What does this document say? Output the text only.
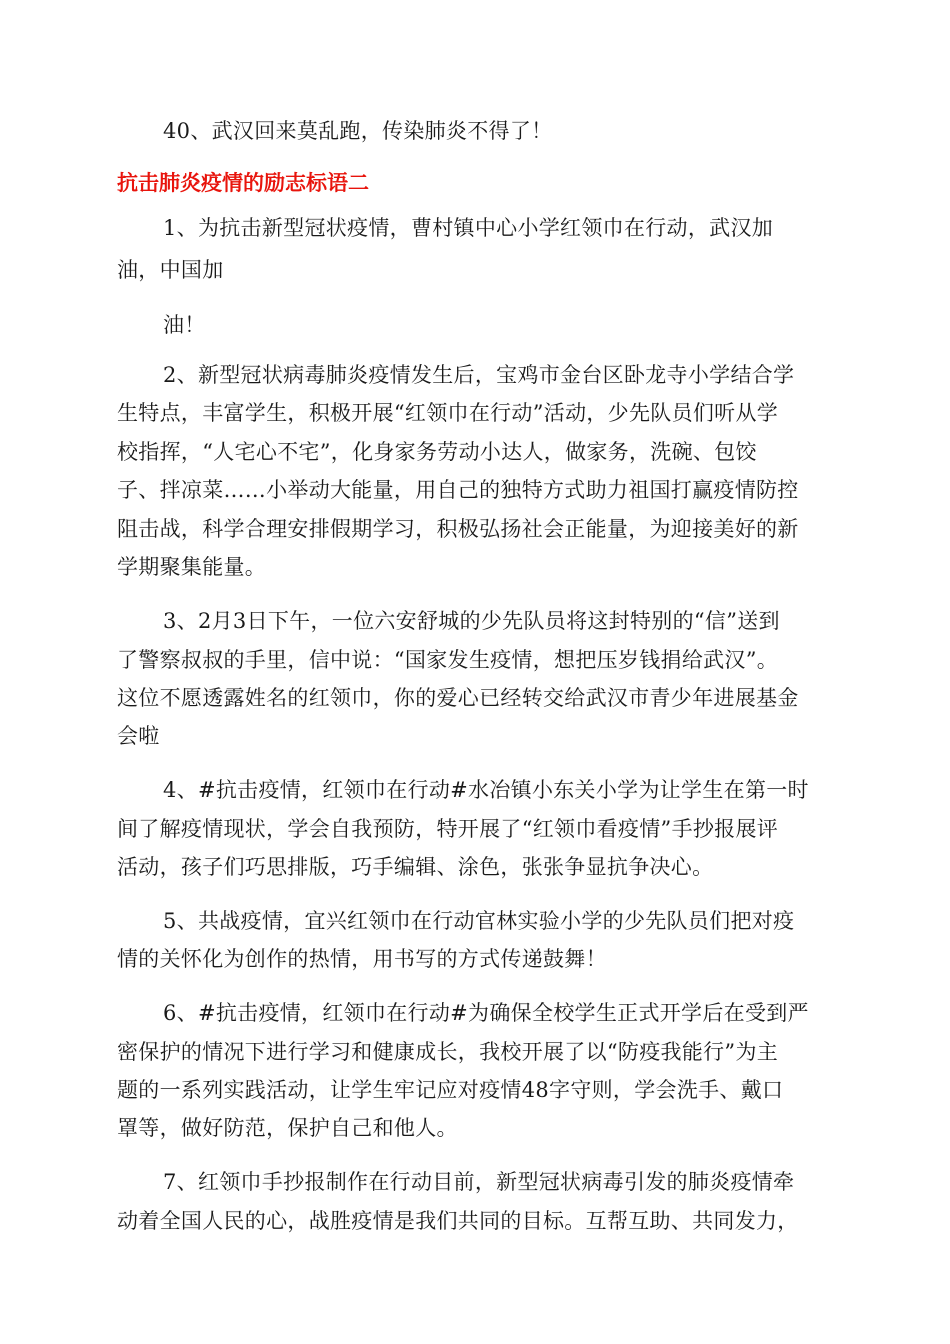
40、武汉回来莫乱跑，传染肺炎不得了！
抗击肺炎疫情的励志标语二
1、为抗击新型冠状疫情，曹村镇中心小学红领巾在行动，武汉加
油，中国加
油！
2、新型冠状病毒肺炎疫情发生后，宝鸡市金台区卧龙寺小学结合学
生特点，丰富学生，积极开展“红领巾在行动”活动，少先队员们听从学
校指挥，“人宅心不宅”，化身家务劳动小达人，做家务，洗碗、包饺
子、拌凉菜……小举动大能量，用自己的独特方式助力祖国打赢疫情防控
阻击战，科学合理安排假期学习，积极弘扬社会正能量，为迎接美好的新
学期聚集能量。
3、2月3日下午，一位六安舒城的少先队员将这封特别的“信”送到
了警察叔叔的手里，信中说：“国家发生疫情，想把压岁钱捐给武汉”。
这位不愿透露姓名的红领巾，你的爱心已经转交给武汉市青少年进展基金
会啦
4、#抗击疫情，红领巾在行动#水冶镇小东关小学为让学生在第一时
间了解疫情现状，学会自我预防，特开展了“红领巾看疫情”手抄报展评
活动，孩子们巧思排版，巧手编辑、涂色，张张争显抗争决心。
5、共战疫情，宜兴红领巾在行动官林实验小学的少先队员们把对疫
情的关怀化为创作的热情，用书写的方式传递鼓舞！
6、#抗击疫情，红领巾在行动#为确保全校学生正式开学后在受到严
密保护的情况下进行学习和健康成长，我校开展了以“防疫我能行”为主
题的一系列实践活动，让学生牢记应对疫情48字守则，学会洗手、戴口
罩等，做好防范，保护自己和他人。
7、红领巾手抄报制作在行动目前，新型冠状病毒引发的肺炎疫情牵
动着全国人民的心，战胜疫情是我们共同的目标。互帮互助、共同发力，
